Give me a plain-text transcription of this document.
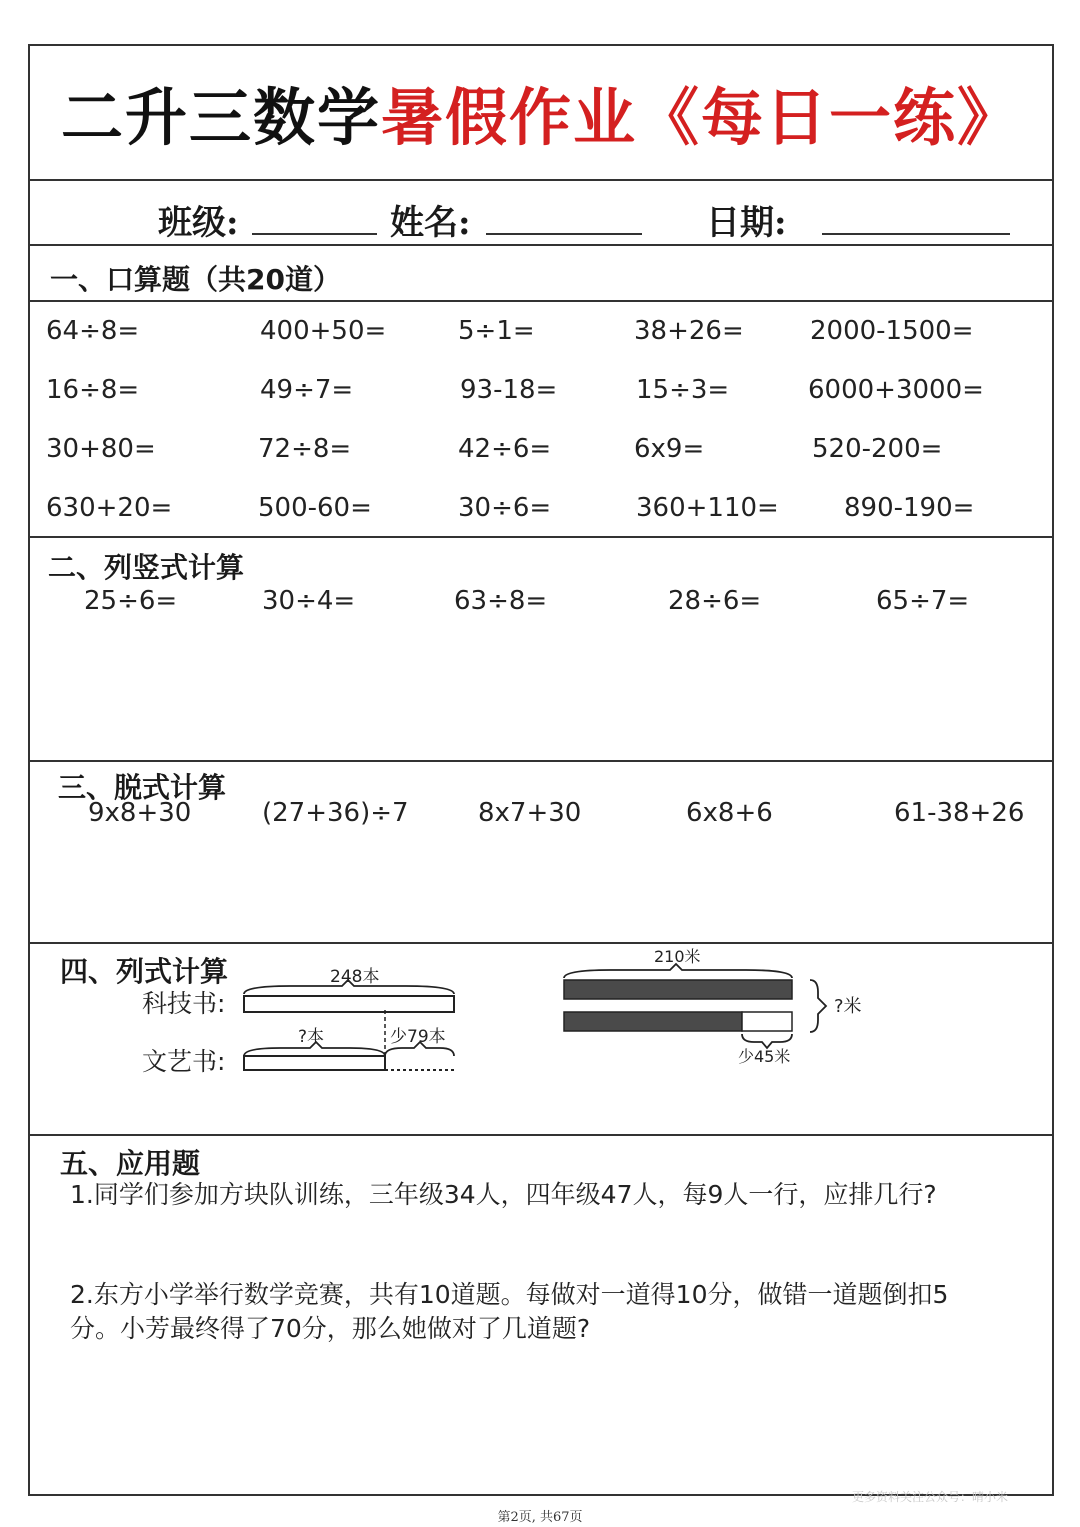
二升三数学 暑假作业《每日一练》
班级:	姓名:	日期:
一、口算题（共20道）
64÷8=	400+50=	5÷1=	38+26=	2000-1500=
16÷8=	49÷7=	93-18=	15÷3=	6000+3000=
30+80=	72÷8=	42÷6=	6x9=	520-200=
630+20=	500-60=	30÷6=	360+110=	890-190=
二、列竖式计算
25÷6=	30÷4=	63÷8=	28÷6=	65÷7=
三、脱式计算
9x8+30	(27+36)÷7	8x7+30	6x8+6	61-38+26
四、列式计算
科技书:
文艺书:
248本
?本	少79本
210米
?米
少45米
五、应用题
1.同学们参加方块队训练，三年级34人，四年级47人，每9人一行，应排几行?
2.东方小学举行数学竞赛，共有10道题。每做对一道得10分，做错一道题倒扣5
分。小芳最终得了70分，那么她做对了几道题?
更多资料关注公众号：晴小米
第2页, 共67页
